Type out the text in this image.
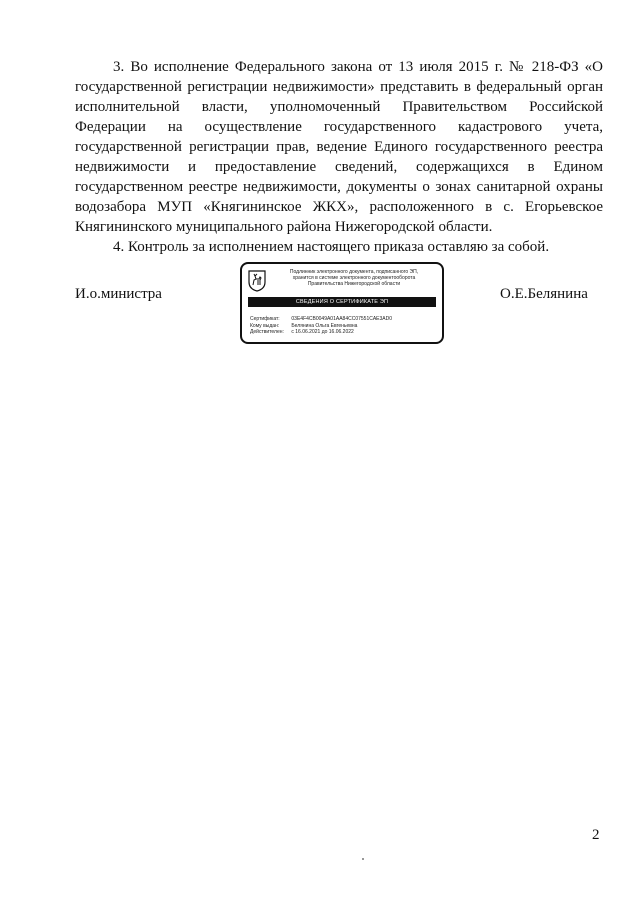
3. Во исполнение Федерального закона от 13 июля 2015 г. № 218-ФЗ «О государственной регистрации недвижимости» представить в федеральный орган исполнительной власти, уполномоченный Правительством Российской Федерации на осуществление государственного кадастрового учета, государственной регистрации прав, ведение Единого государственного реестра недвижимости и предоставление сведений, содержащихся в Едином государственном реестре недвижимости, документы о зонах санитарной охраны водозабора МУП «Княгининское ЖКХ», расположенного в с. Егорьевское Княгининского муниципального района Нижегородской области.

4. Контроль за исполнением настоящего приказа оставляю за собой.

И.о.министра
Подлинник электронного документа, подписанного ЭП,
хранится в системе электронного документооборота
Правительства Нижегородской области
СВЕДЕНИЯ О СЕРТИФИКАТЕ ЭП
Сертификат: 03E4F4CB0049A01AA84CC07551CAE3AD0
Кому выдан: Белянина Ольга Евгеньевна
Действителен: с 16.06.2021 до 16.06.2022
О.Е.Белянина
2
